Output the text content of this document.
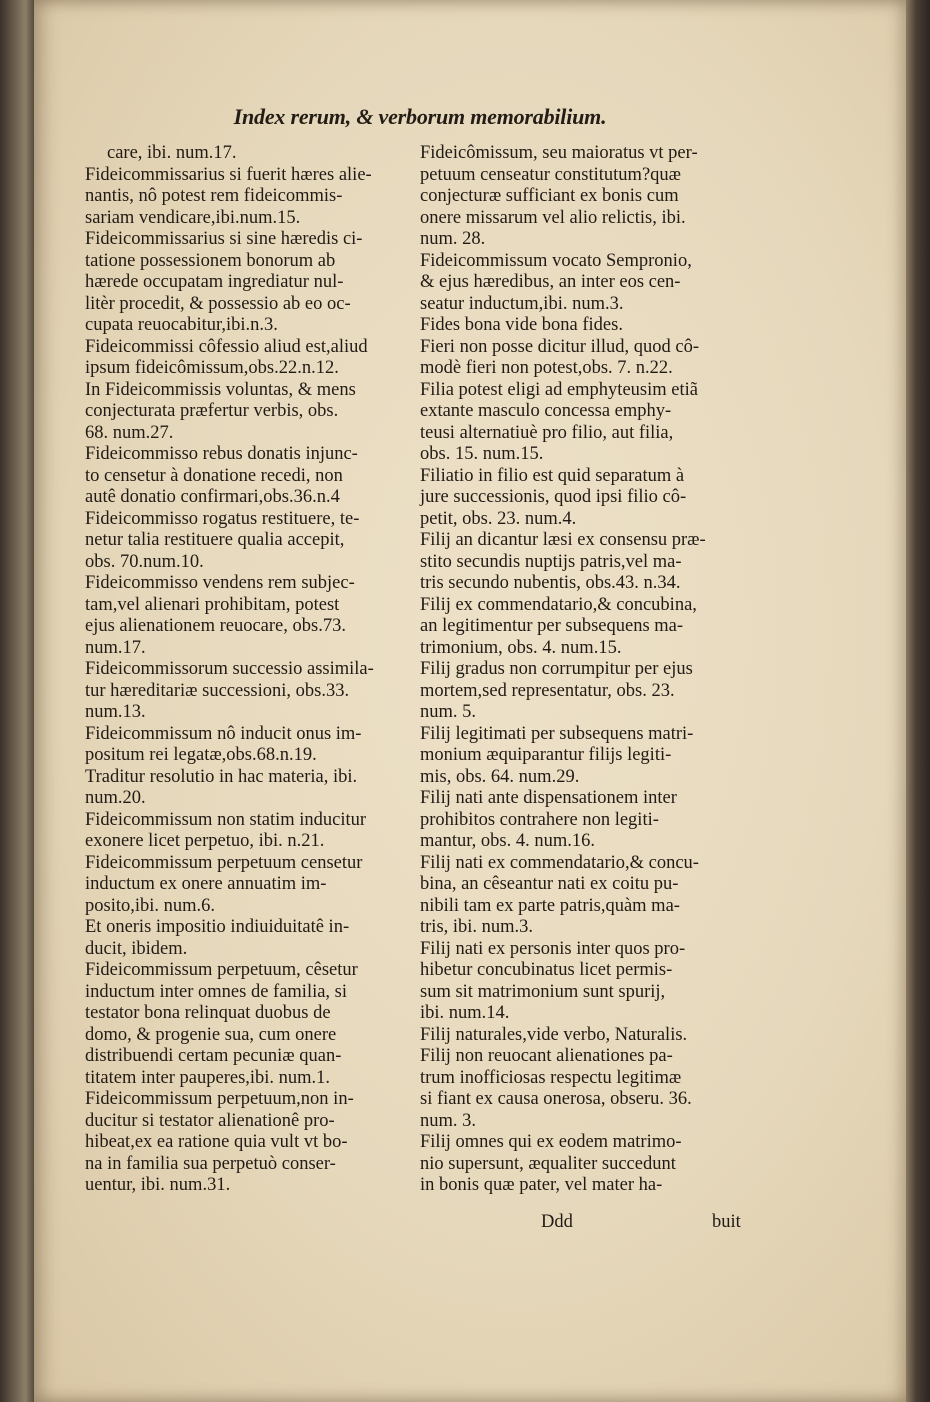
Index rerum, & verborum memorabilium.
care, ibi. num.17.
Fideicommissarius si fuerit hæres alie-
nantis, nô potest rem fideicommis-
sariam vendicare,ibi.num.15.
Fideicommissarius si sine hæredis ci-
tatione possessionem bonorum ab
hærede occupatam ingrediatur nul-
litèr procedit, & possessio ab eo oc-
cupata reuocabitur,ibi.n.3.
Fideicommissi côfessio aliud est,aliud
ipsum fideicômissum,obs.22.n.12.
In Fideicommissis voluntas, & mens
conjecturata præfertur verbis, obs.
68. num.27.
Fideicommisso rebus donatis injunc-
to censetur à donatione recedi, non
autê donatio confirmari,obs.36.n.4
Fideicommisso rogatus restituere, te-
netur talia restituere qualia accepit,
obs. 70.num.10.
Fideicommisso vendens rem subjec-
tam,vel alienari prohibitam, potest
ejus alienationem reuocare, obs.73.
num.17.
Fideicommissorum successio assimila-
tur hæreditariæ successioni, obs.33.
num.13.
Fideicommissum nô inducit onus im-
positum rei legatæ,obs.68.n.19.
Traditur resolutio in hac materia, ibi.
num.20.
Fideicommissum non statim inducitur
exonere licet perpetuo, ibi. n.21.
Fideicommissum perpetuum censetur
inductum ex onere annuatim im-
posito,ibi. num.6.
Et oneris impositio indiuiduitatê in-
ducit, ibidem.
Fideicommissum perpetuum, cêsetur
inductum inter omnes de familia, si
testator bona relinquat duobus de
domo, & progenie sua, cum onere
distribuendi certam pecuniæ quan-
titatem inter pauperes,ibi. num.1.
Fideicommissum perpetuum,non in-
ducitur si testator alienationê pro-
hibeat,ex ea ratione quia vult vt bo-
na in familia sua perpetuò conser-
uentur, ibi. num.31.
Fideicômissum, seu maioratus vt per-
petuum censeatur constitutum?quæ
conjecturæ sufficiant ex bonis cum
onere missarum vel alio relictis, ibi.
num. 28.
Fideicommissum vocato Sempronio,
& ejus hæredibus, an inter eos cen-
seatur inductum,ibi. num.3.
Fides bona vide bona fides.
Fieri non posse dicitur illud, quod cô-
modè fieri non potest,obs. 7. n.22.
Filia potest eligi ad emphyteusim etiã
extante masculo concessa emphy-
teusi alternatiuè pro filio, aut filia,
obs. 15. num.15.
Filiatio in filio est quid separatum à
jure successionis, quod ipsi filio cô-
petit, obs. 23. num.4.
Filij an dicantur læsi ex consensu præ-
stito secundis nuptijs patris,vel ma-
tris secundo nubentis, obs.43. n.34.
Filij ex commendatario,& concubina,
an legitimentur per subsequens ma-
trimonium, obs. 4. num.15.
Filij gradus non corrumpitur per ejus
mortem,sed representatur, obs. 23.
num. 5.
Filij legitimati per subsequens matri-
monium æquiparantur filijs legiti-
mis, obs. 64. num.29.
Filij nati ante dispensationem inter
prohibitos contrahere non legiti-
mantur, obs. 4. num.16.
Filij nati ex commendatario,& concu-
bina, an cêseantur nati ex coitu pu-
nibili tam ex parte patris,quàm ma-
tris, ibi. num.3.
Filij nati ex personis inter quos pro-
hibetur concubinatus licet permis-
sum sit matrimonium sunt spurij,
ibi. num.14.
Filij naturales,vide verbo, Naturalis.
Filij non reuocant alienationes pa-
trum inofficiosas respectu legitimæ
si fiant ex causa onerosa, obseru. 36.
num. 3.
Filij omnes qui ex eodem matrimo-
nio supersunt, æqualiter succedunt
in bonis quæ pater, vel mater ha-
Ddd	buit
